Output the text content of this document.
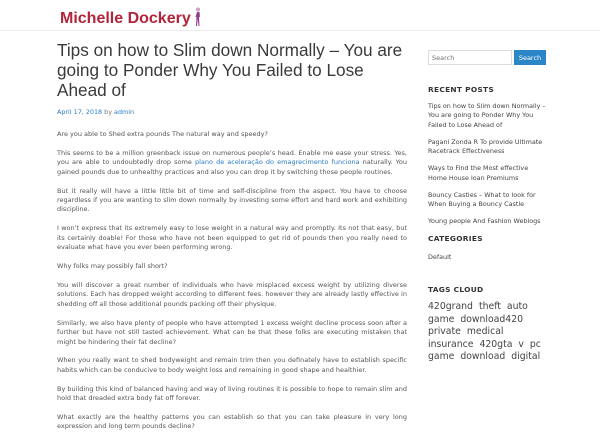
Michelle Dockery
Tips on how to Slim down Normally – You are going to Ponder Why You Failed to Lose Ahead of
April 17, 2018 by admin

Are you able to Shed extra pounds The natural way and speedy?

This seems to be a million greenback issue on numerous people’s head. Enable me ease your stress. Yes, you are able to undoubtedly drop some plano de aceleração do emagrecimento funciona naturally. You gained pounds due to unhealthy practices and also you can drop it by switching those people routines.

But it really will have a little little bit of time and self-discipline from the aspect. You have to choose regardless if you are wanting to slim down normally by investing some effort and hard work and exhibiting discipline.

I won’t express that its extremely easy to lose weight in a natural way and promptly. Its not that easy, but its certainly doable! For those who have not been equipped to get rid of pounds then you really need to evaluate what have you ever been performing wrong.

Why folks may possibly fall short?

You will discover a great number of individuals who have misplaced excess weight by utilizing diverse solutions. Each has dropped weight according to different fees. however they are already lastly effective in shedding off all those additional pounds packing off their physique.

Similarly, we also have plenty of people who have attempted 1 excess weight decline process soon after a further but have not still tasted achievement. What can be that these folks are executing mistaken that might be hindering their fat decline?

When you really want to shed bodyweight and remain trim then you definately have to establish specific habits which can be conducive to body weight loss and remaining in good shape and healthier.

By building this kind of balanced having and way of living routines it is possible to hope to remain slim and hold that dreaded extra body fat off forever.

What exactly are the healthy patterns you can establish so that you can take pleasure in very long expression and long term pounds decline?

Search
Search
RECENT POSTS
Tips on how to Slim down Normally – You are going to Ponder Why You Failed to Lose Ahead of
Pagani Zonda R To provide Ultimate Racetrack Effectiveness
Ways to Find the Most effective Home House loan Premiums
Bouncy Castles – What to look for When Buying a Bouncy Castle
Young people And Fashion Weblogs
CATEGORIES
Default
TAGS CLOUD
420grand theft auto game download420 private medical insurance 420gta v pc game download digital
